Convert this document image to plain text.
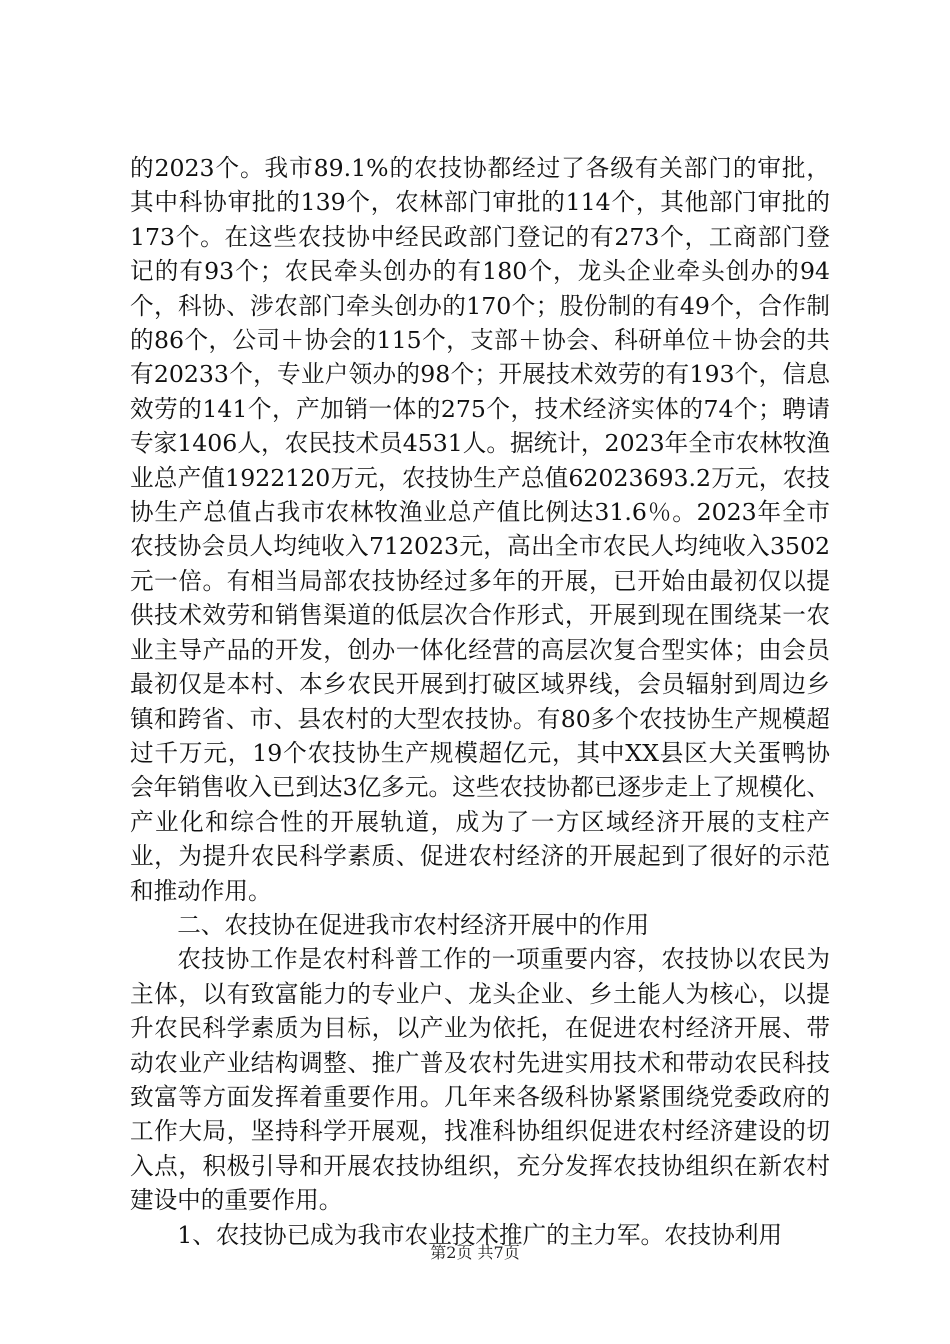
的2023个。我市89.1%的农技协都经过了各级有关部门的审批，其中科协审批的139个，农林部门审批的114个，其他部门审批的173个。在这些农技协中经民政部门登记的有273个，工商部门登记的有93个；农民牵头创办的有180个，龙头企业牵头创办的94个，科协、涉农部门牵头创办的170个；股份制的有49个，合作制的86个，公司＋协会的115个，支部＋协会、科研单位＋协会的共有20233个，专业户领办的98个；开展技术效劳的有193个，信息效劳的141个，产加销一体的275个，技术经济实体的74个；聘请专家1406人，农民技术员4531人。据统计，2023年全市农林牧渔业总产值1922120万元，农技协生产总值62023693.2万元，农技协生产总值占我市农林牧渔业总产值比例达31.6％。2023年全市农技协会员人均纯收入712023元，高出全市农民人均纯收入3502元一倍。有相当局部农技协经过多年的开展，已开始由最初仅以提供技术效劳和销售渠道的低层次合作形式，开展到现在围绕某一农业主导产品的开发，创办一体化经营的高层次复合型实体；由会员最初仅是本村、本乡农民开展到打破区域界线，会员辐射到周边乡镇和跨省、市、县农村的大型农技协。有80多个农技协生产规模超过千万元，19个农技协生产规模超亿元，其中XX县区大关蛋鸭协会年销售收入已到达3亿多元。这些农技协都已逐步走上了规模化、产业化和综合性的开展轨道，成为了一方区域经济开展的支柱产业，为提升农民科学素质、促进农村经济的开展起到了很好的示范和推动作用。

二、农技协在促进我市农村经济开展中的作用

农技协工作是农村科普工作的一项重要内容，农技协以农民为主体，以有致富能力的专业户、龙头企业、乡土能人为核心，以提升农民科学素质为目标，以产业为依托，在促进农村经济开展、带动农业产业结构调整、推广普及农村先进实用技术和带动农民科技致富等方面发挥着重要作用。几年来各级科协紧紧围绕党委政府的工作大局，坚持科学开展观，找准科协组织促进农村经济建设的切入点，积极引导和开展农技协组织，充分发挥农技协组织在新农村建设中的重要作用。

1、农技协已成为我市农业技术推广的主力军。农技协利用

第2页 共7页
